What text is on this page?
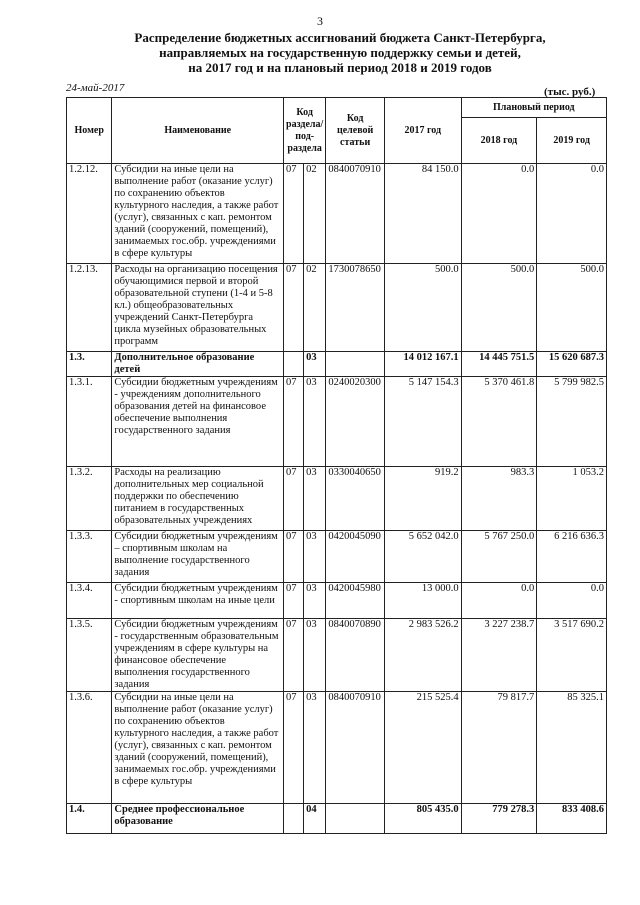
3
Распределение бюджетных ассигнований бюджета Санкт-Петербурга,
направляемых на государственную поддержку семьи и детей,
на 2017 год и на плановый период 2018 и 2019 годов
24-май-2017	(тыс. руб.)
Номер	Наименование	Код раздела/ под-раздела		Код целевой статьи	2017 год	Плановый период	
						2018 год	2019 год
1.2.12.	Субсидии на иные цели на выполнение работ (оказание услуг) по сохранению объектов культурного наследия, а также работ (услуг), связанных с кап. ремонтом зданий (сооружений, помещений), занимаемых гос.обр. учреждениями в сфере культуры	07	02	0840070910	84 150.0	0.0	0.0
1.2.13.	Расходы на организацию посещения обучающимися первой и второй образовательной ступени (1-4 и 5-8 кл.) общеобразовательных учреждений Санкт-Петербурга цикла музейных образовательных программ	07	02	1730078650	500.0	500.0	500.0
1.3.	Дополнительное образование детей		03		14 012 167.1	14 445 751.5	15 620 687.3
1.3.1.	Субсидии бюджетным учреждениям - учреждениям дополнительного образования детей на финансовое обеспечение выполнения государственного задания	07	03	0240020300	5 147 154.3	5 370 461.8	5 799 982.5
1.3.2.	Расходы на реализацию дополнительных мер социальной поддержки по обеспечению питанием в государственных образовательных учреждениях	07	03	0330040650	919.2	983.3	1 053.2
1.3.3.	Субсидии бюджетным учреждениям – спортивным школам на выполнение государственного задания	07	03	0420045090	5 652 042.0	5 767 250.0	6 216 636.3
1.3.4.	Субсидии бюджетным учреждениям - спортивным школам на иные цели	07	03	0420045980	13 000.0	0.0	0.0
1.3.5.	Субсидии бюджетным учреждениям - государственным образовательным учреждениям в сфере культуры на финансовое обеспечение выполнения государственного задания	07	03	0840070890	2 983 526.2	3 227 238.7	3 517 690.2
1.3.6.	Субсидии на иные цели на выполнение работ (оказание услуг) по сохранению объектов культурного наследия, а также работ (услуг), связанных с кап. ремонтом зданий (сооружений, помещений), занимаемых гос.обр. учреждениями в сфере культуры	07	03	0840070910	215 525.4	79 817.7	85 325.1
1.4.	Среднее профессиональное образование		04		805 435.0	779 278.3	833 408.6
